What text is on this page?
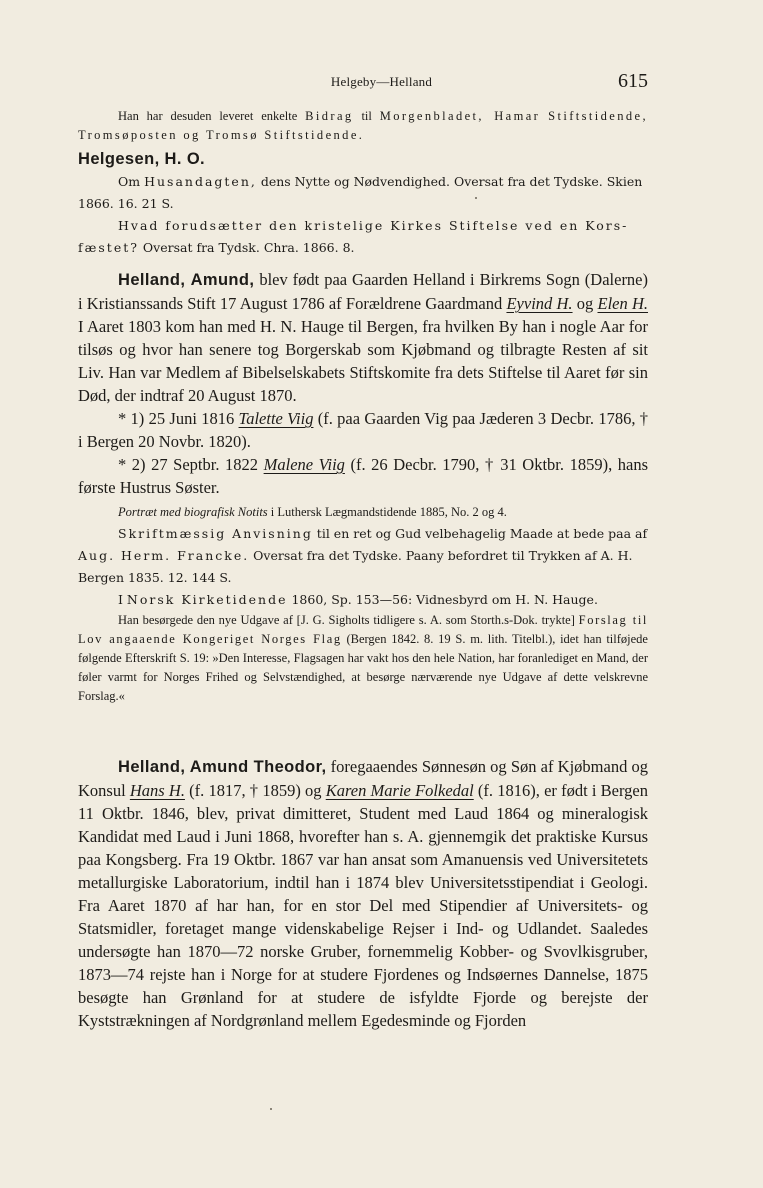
Helgeby—Helland	615

Han har desuden leveret enkelte Bidrag til Morgenbladet, Hamar Stiftstidende, Tromsøposten og Tromsø Stiftstidende.

Helgesen, H. O.

Om Husandagten, dens Nytte og Nødvendighed. Oversat fra det Tydske. Skien 1866. 16. 21 S.

Hvad forudsætter den kristelige Kirkes Stiftelse ved en Kors- fæstet? Oversat fra Tydsk. Chra. 1866. 8.

Helland, Amund, blev født paa Gaarden Helland i Birkrems Sogn (Dalerne) i Kristianssands Stift 17 August 1786 af Forældrene Gaardmand Eyvind H. og Elen H. I Aaret 1803 kom han med H. N. Hauge til Bergen, fra hvilken By han i nogle Aar for tilsøs og hvor han senere tog Borgerskab som Kjøbmand og tilbragte Resten af sit Liv. Han var Medlem af Bibelselskabets Stiftskomite fra dets Stiftelse til Aaret før sin Død, der indtraf 20 August 1870.

* 1) 25 Juni 1816 Talette Viig (f. paa Gaarden Vig paa Jæderen 3 Decbr. 1786, † i Bergen 20 Novbr. 1820).

* 2) 27 Septbr. 1822 Malene Viig (f. 26 Decbr. 1790, † 31 Oktbr. 1859), hans første Hustrus Søster.

Portræt med biografisk Notits i Luthersk Lægmandstidende 1885, No. 2 og 4.

Skriftmæssig Anvisning til en ret og Gud velbehagelig Maade at bede paa af Aug. Herm. Francke. Oversat fra det Tydske. Paany befordret til Trykken af A. H. Bergen 1835. 12. 144 S.

I Norsk Kirketidende 1860, Sp. 153—56: Vidnesbyrd om H. N. Hauge.

Han besørgede den nye Udgave af [J. G. Sigholts tidligere s. A. som Storth.s-Dok. trykte] Forslag til Lov angaaende Kongeriget Norges Flag (Bergen 1842. 8. 19 S. m. lith. Titelbl.), idet han tilføjede følgende Efterskrift S. 19: »Den Interesse, Flagsagen har vakt hos den hele Nation, har foranlediget en Mand, der føler varmt for Norges Frihed og Selvstændighed, at besørge nærværende nye Udgave af dette velskrevne Forslag.«

Helland, Amund Theodor, foregaaendes Sønnesøn og Søn af Kjøbmand og Konsul Hans H. (f. 1817, † 1859) og Karen Marie Folkedal (f. 1816), er født i Bergen 11 Oktbr. 1846, blev, privat dimitteret, Student med Laud 1864 og mineralogisk Kandidat med Laud i Juni 1868, hvorefter han s. A. gjennemgik det praktiske Kursus paa Kongsberg. Fra 19 Oktbr. 1867 var han ansat som Amanuensis ved Universitetets metallurgiske Laboratorium, indtil han i 1874 blev Universitetsstipendiat i Geologi. Fra Aaret 1870 af har han, for en stor Del med Stipendier af Universitets- og Statsmidler, foretaget mange videnskabelige Rejser i Ind- og Udlandet. Saaledes undersøgte han 1870—72 norske Gruber, fornemmelig Kobber- og Svovlkisgruber, 1873—74 rejste han i Norge for at studere Fjordenes og Indsøernes Dannelse, 1875 besøgte han Grønland for at studere de isfyldte Fjorde og berejste der Kyststrækningen af Nordgrønland mellem Egedesminde og Fjorden
